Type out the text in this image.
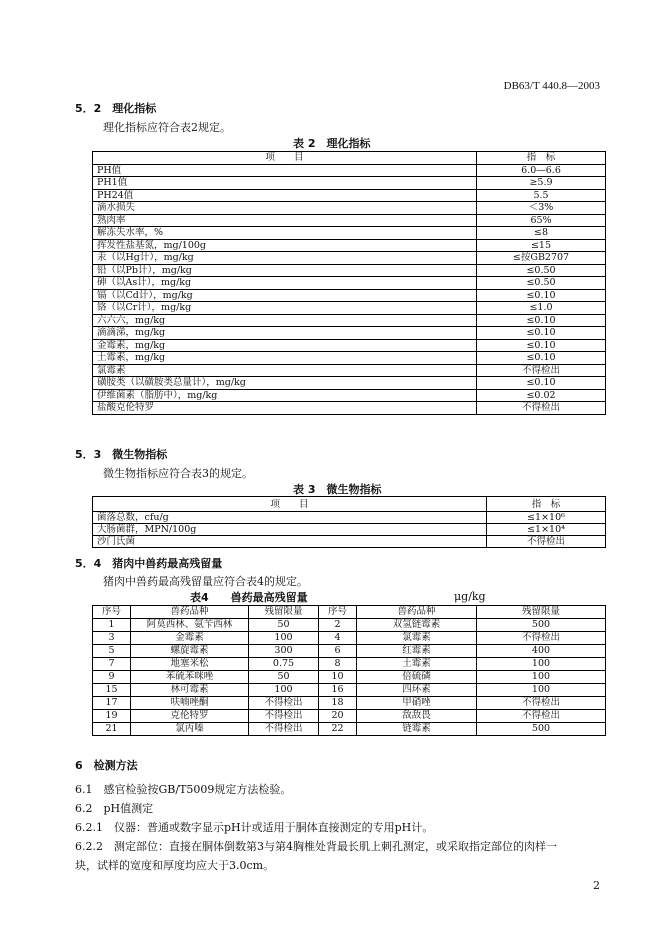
DB63/T 440.8—2003
5．2　理化指标
理化指标应符合表2规定。
表 2　理化指标
项　　目	指　标
PH值	6.0—6.6
PH1值	≥5.9
PH24值	5.5
滴水损失	＜3%
熟肉率	65%
解冻失水率，%	≤8
挥发性盐基氮，mg/100g	≤15
汞（以Hg计），mg/kg	≤按GB2707
铅（以Pb计），mg/kg	≤0.50
砷（以As计），mg/kg	≤0.50
镉（以Cd计），mg/kg	≤0.10
铬（以Cr计），mg/kg	≤1.0
六六六，mg/kg	≤0.10
滴滴涕，mg/kg	≤0.10
金霉素，mg/kg	≤0.10
土霉素，mg/kg	≤0.10
氯霉素	不得检出
磺胺类（以磺胺类总量计），mg/kg	≤0.10
伊维菌素（脂肪中），mg/kg	≤0.02
盐酸克伦特罗	不得检出
5．3　微生物指标
微生物指标应符合表3的规定。
表 3　微生物指标
项　　目	指　标
菌落总数，cfu/g	≤1×10⁶
大肠菌群，MPN/100g	≤1×10⁴
沙门氏菌	不得检出
5．4　猪肉中兽药最高残留量
猪肉中兽药最高残留量应符合表4的规定。
表4　　兽药最高残留量	μg/kg
序号	兽药品种	残留限量	序号	兽药品种	残留限量
1	阿莫西林、氨苄西林	50	2	双氢链霉素	500
3	金霉素	100	4	氯霉素	不得检出
5	螺旋霉素	300	6	红霉素	400
7	地塞米松	0.75	8	土霉素	100
9	苯硫苯咪唑	50	10	倍硫磷	100
15	林可霉素	100	16	四环素	100
17	呋喃唑酮	不得检出	18	甲硝唑	不得检出
19	克伦特罗	不得检出	20	敌敌畏	不得检出
21	氯丙嗪	不得检出	22	链霉素	500
6　检测方法
6.1　感官检验按GB/T5009规定方法检验。
6.2　pH值测定
6.2.1　仪器：普通或数字显示pH计或适用于胴体直接测定的专用pH计。
6.2.2　测定部位：直接在胴体倒数第3与第4胸椎处背最长肌上刺孔测定，或采取指定部位的肉样一
块，试样的宽度和厚度均应大于3.0cm。
2
